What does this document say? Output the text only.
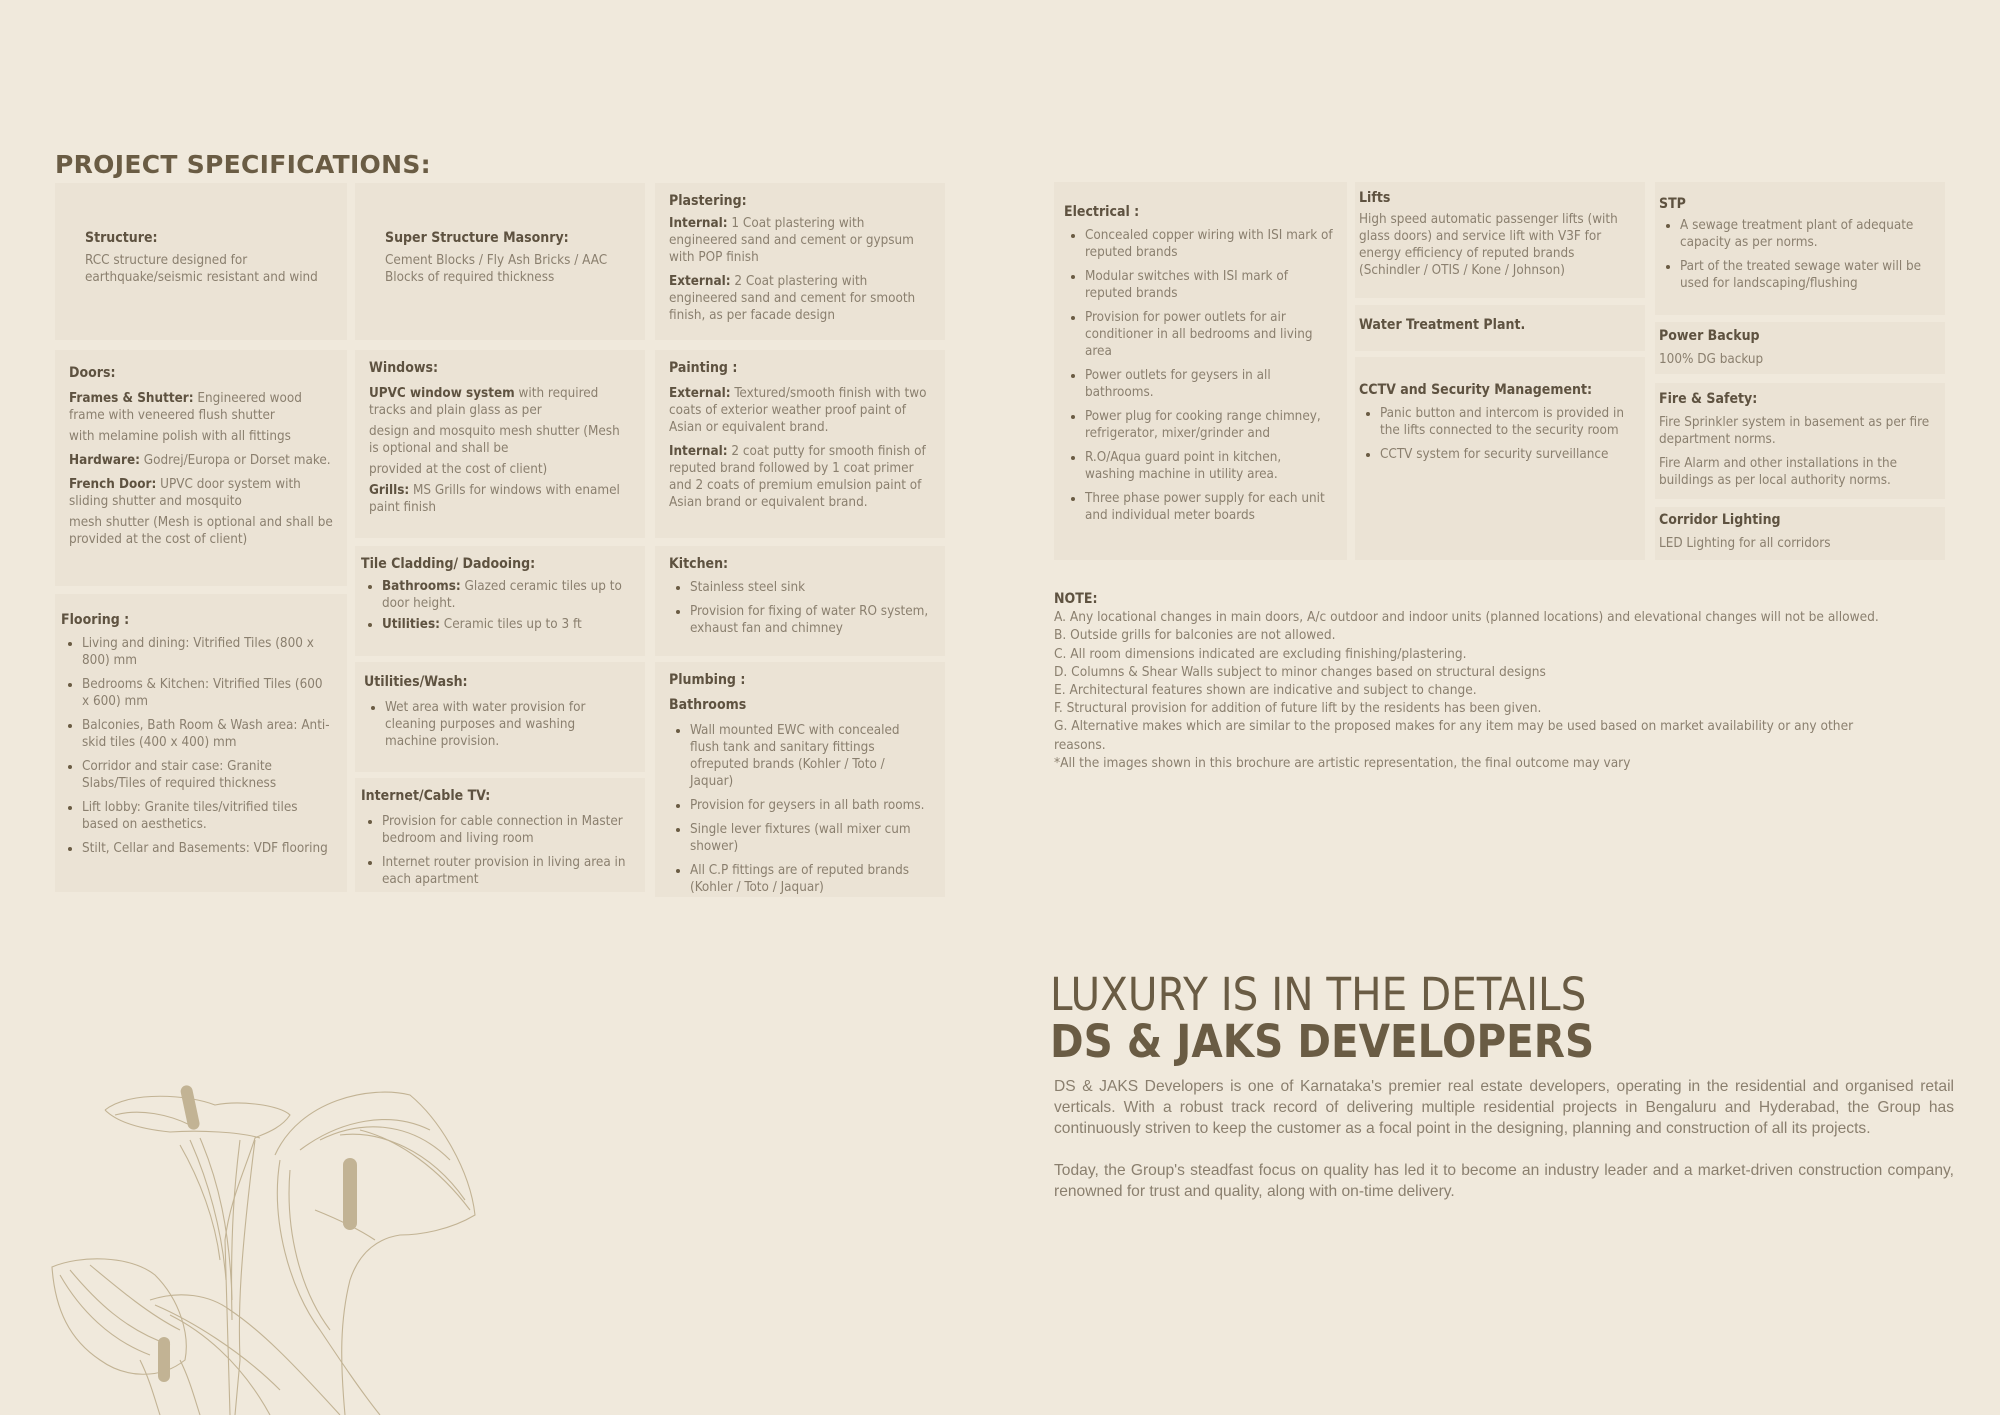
PROJECT SPECIFICATIONS:
Structure:

RCC structure designed for earthquake/seismic resistant and wind

Super Structure Masonry:

Cement Blocks / Fly Ash Bricks / AAC Blocks of required thickness

Plastering:

Internal: 1 Coat plastering with engineered sand and cement or gypsum with POP finish

External: 2 Coat plastering with engineered sand and cement for smooth finish, as per facade design

Doors:

Frames & Shutter: Engineered wood frame with veneered flush shutter

with melamine polish with all fittings

Hardware: Godrej/Europa or Dorset make.

French Door: UPVC door system with sliding shutter and mosquito

mesh shutter (Mesh is optional and shall be provided at the cost of client)

Windows:

UPVC window system with required tracks and plain glass as per

design and mosquito mesh shutter (Mesh is optional and shall be

provided at the cost of client)

Grills: MS Grills for windows with enamel paint finish

Painting :

External: Textured/smooth finish with two coats of exterior weather proof paint of Asian or equivalent brand.

Internal: 2 coat putty for smooth finish of reputed brand followed by 1 coat primer and 2 coats of premium emulsion paint of Asian brand or equivalent brand.

Flooring :
• Living and dining: Vitrified Tiles (800 x 800) mm
• Bedrooms & Kitchen: Vitrified Tiles (600 x 600) mm
• Balconies, Bath Room & Wash area: Anti-skid tiles (400 x 400) mm
• Corridor and stair case: Granite Slabs/Tiles of required thickness
• Lift lobby: Granite tiles/vitrified tiles based on aesthetics.
• Stilt, Cellar and Basements: VDF flooring
Tile Cladding/ Dadooing:
• Bathrooms: Glazed ceramic tiles up to door height.
• Utilities: Ceramic tiles up to 3 ft
Utilities/Wash:
• Wet area with water provision for cleaning purposes and washing machine provision.
Internet/Cable TV:
• Provision for cable connection in Master bedroom and living room
• Internet router provision in living area in each apartment
Kitchen:
• Stainless steel sink
• Provision for fixing of water RO system, exhaust fan and chimney
Plumbing :
Bathrooms
• Wall mounted EWC with concealed flush tank and sanitary fittings ofreputed brands (Kohler / Toto / Jaquar)
• Provision for geysers in all bath rooms.
• Single lever fixtures (wall mixer cum shower)
• All C.P fittings are of reputed brands (Kohler / Toto / Jaquar)
Electrical :
• Concealed copper wiring with ISI mark of reputed brands
• Modular switches with ISI mark of reputed brands
• Provision for power outlets for air conditioner in all bedrooms and living area
• Power outlets for geysers in all bathrooms.
• Power plug for cooking range chimney, refrigerator, mixer/grinder and
• R.O/Aqua guard point in kitchen, washing machine in utility area.
• Three phase power supply for each unit and individual meter boards
Lifts

High speed automatic passenger lifts (with glass doors) and service lift with V3F for energy efficiency of reputed brands (Schindler / OTIS / Kone / Johnson)

Water Treatment Plant.
CCTV and Security Management:
• Panic button and intercom is provided in the lifts connected to the security room
• CCTV system for security surveillance
STP
• A sewage treatment plant of adequate capacity as per norms.
• Part of the treated sewage water will be used for landscaping/flushing
Power Backup

100% DG backup

Fire & Safety:

Fire Sprinkler system in basement as per fire department norms.

Fire Alarm and other installations in the buildings as per local authority norms.

Corridor Lighting

LED Lighting for all corridors

NOTE:
A. Any locational changes in main doors, A/c outdoor and indoor units (planned locations) and elevational changes will not be allowed.
B. Outside grills for balconies are not allowed.
C. All room dimensions indicated are excluding finishing/plastering.
D. Columns & Shear Walls subject to minor changes based on structural designs
E. Architectural features shown are indicative and subject to change.
F. Structural provision for addition of future lift by the residents has been given.
G. Alternative makes which are similar to the proposed makes for any item may be used based on market availability or any other
reasons.
*All the images shown in this brochure are artistic representation, the final outcome may vary
LUXURY IS IN THE DETAILS
DS & JAKS DEVELOPERS

DS & JAKS Developers is one of Karnataka's premier real estate developers, operating in the residential and organised retail verticals. With a robust track record of delivering multiple residential projects in Bengaluru and Hyderabad, the Group has continuously striven to keep the customer as a focal point in the designing, planning and construction of all its projects.

Today, the Group's steadfast focus on quality has led it to become an industry leader and a market-driven construction company, renowned for trust and quality, along with on-time delivery.
